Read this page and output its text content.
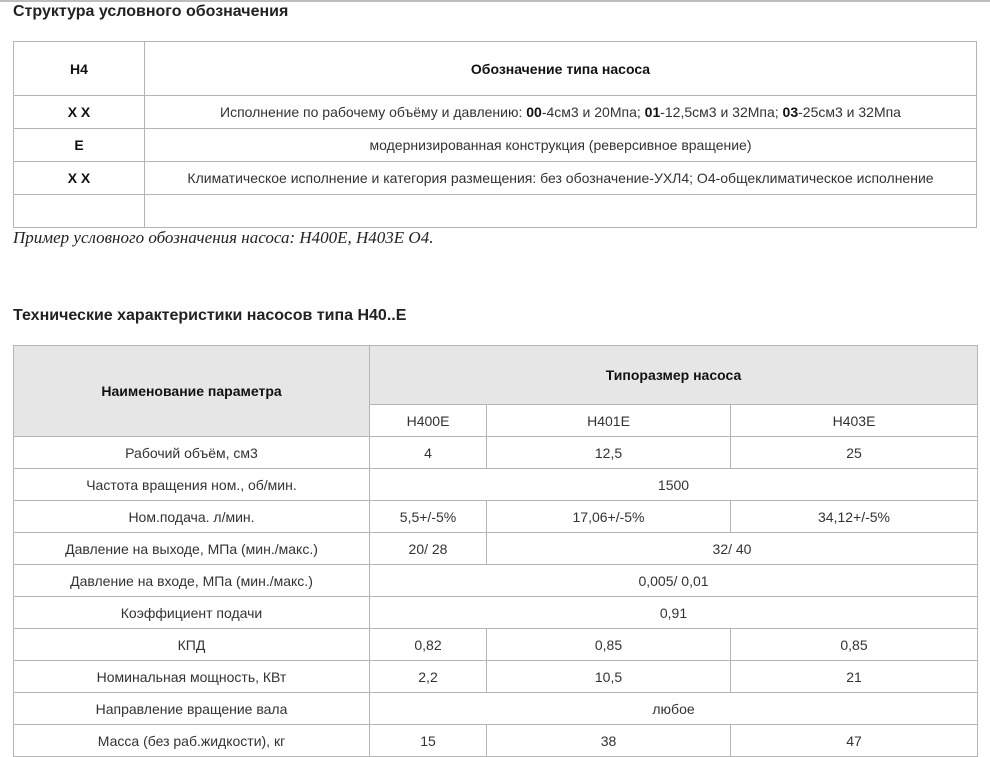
Структура условного обозначения
Н4	Обозначение типа насоса
Х Х	Исполнение по рабочему объёму и давлению: 00-4см3 и 20Мпа; 01-12,5см3 и 32Мпа; 03-25см3 и 32Мпа
Е	модернизированная конструкция (реверсивное вращение)
Х Х	Климатическое исполнение и категория размещения: без обозначение-УХЛ4; О4-общеклиматическое исполнение

Пример условного обозначения насоса: Н400Е, Н403Е О4.
Технические характеристики насосов типа Н40..Е
Наименование параметра	Типоразмер насоса		
	Н400Е	Н401Е	Н403Е
Рабочий объём, см3	4	12,5	25
Частота вращения ном., об/мин.	1500		
Ном.подача. л/мин.	5,5+/-5%	17,06+/-5%	34,12+/-5%
Давление на выходе, МПа (мин./макс.)	20/ 28	32/ 40	
Давление на входе, МПа (мин./макс.)	0,005/ 0,01		
Коэффициент подачи	0,91		
КПД	0,82	0,85	0,85
Номинальная мощность, КВт	2,2	10,5	21
Направление вращение вала	любое		
Масса (без раб.жидкости), кг	15	38	47
